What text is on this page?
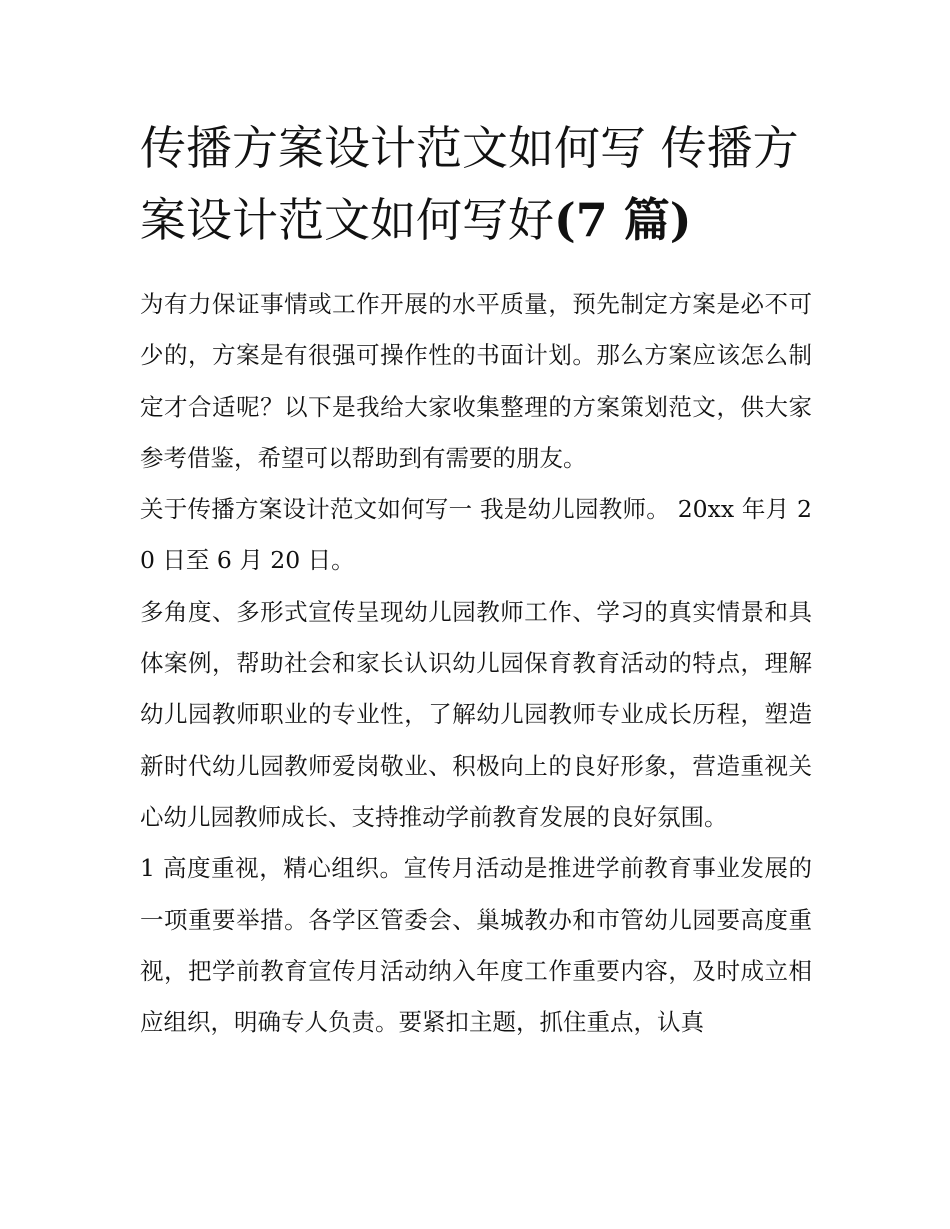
传播方案设计范文如何写 传播方案设计范文如何写好(7 篇)

为有力保证事情或工作开展的水平质量，预先制定方案是必不可少的，方案是有很强可操作性的书面计划。那么方案应该怎么制定才合适呢？以下是我给大家收集整理的方案策划范文，供大家参考借鉴，希望可以帮助到有需要的朋友。

关于传播方案设计范文如何写一 我是幼儿园教师。 20xx 年月 20 日至 6 月 20 日。

多角度、多形式宣传呈现幼儿园教师工作、学习的真实情景和具体案例，帮助社会和家长认识幼儿园保育教育活动的特点，理解幼儿园教师职业的专业性，了解幼儿园教师专业成长历程，塑造新时代幼儿园教师爱岗敬业、积极向上的良好形象，营造重视关心幼儿园教师成长、支持推动学前教育发展的良好氛围。

1 高度重视，精心组织。宣传月活动是推进学前教育事业发展的一项重要举措。各学区管委会、巢城教办和市管幼儿园要高度重视，把学前教育宣传月活动纳入年度工作重要内容，及时成立相应组织，明确专人负责。要紧扣主题，抓住重点，认真
